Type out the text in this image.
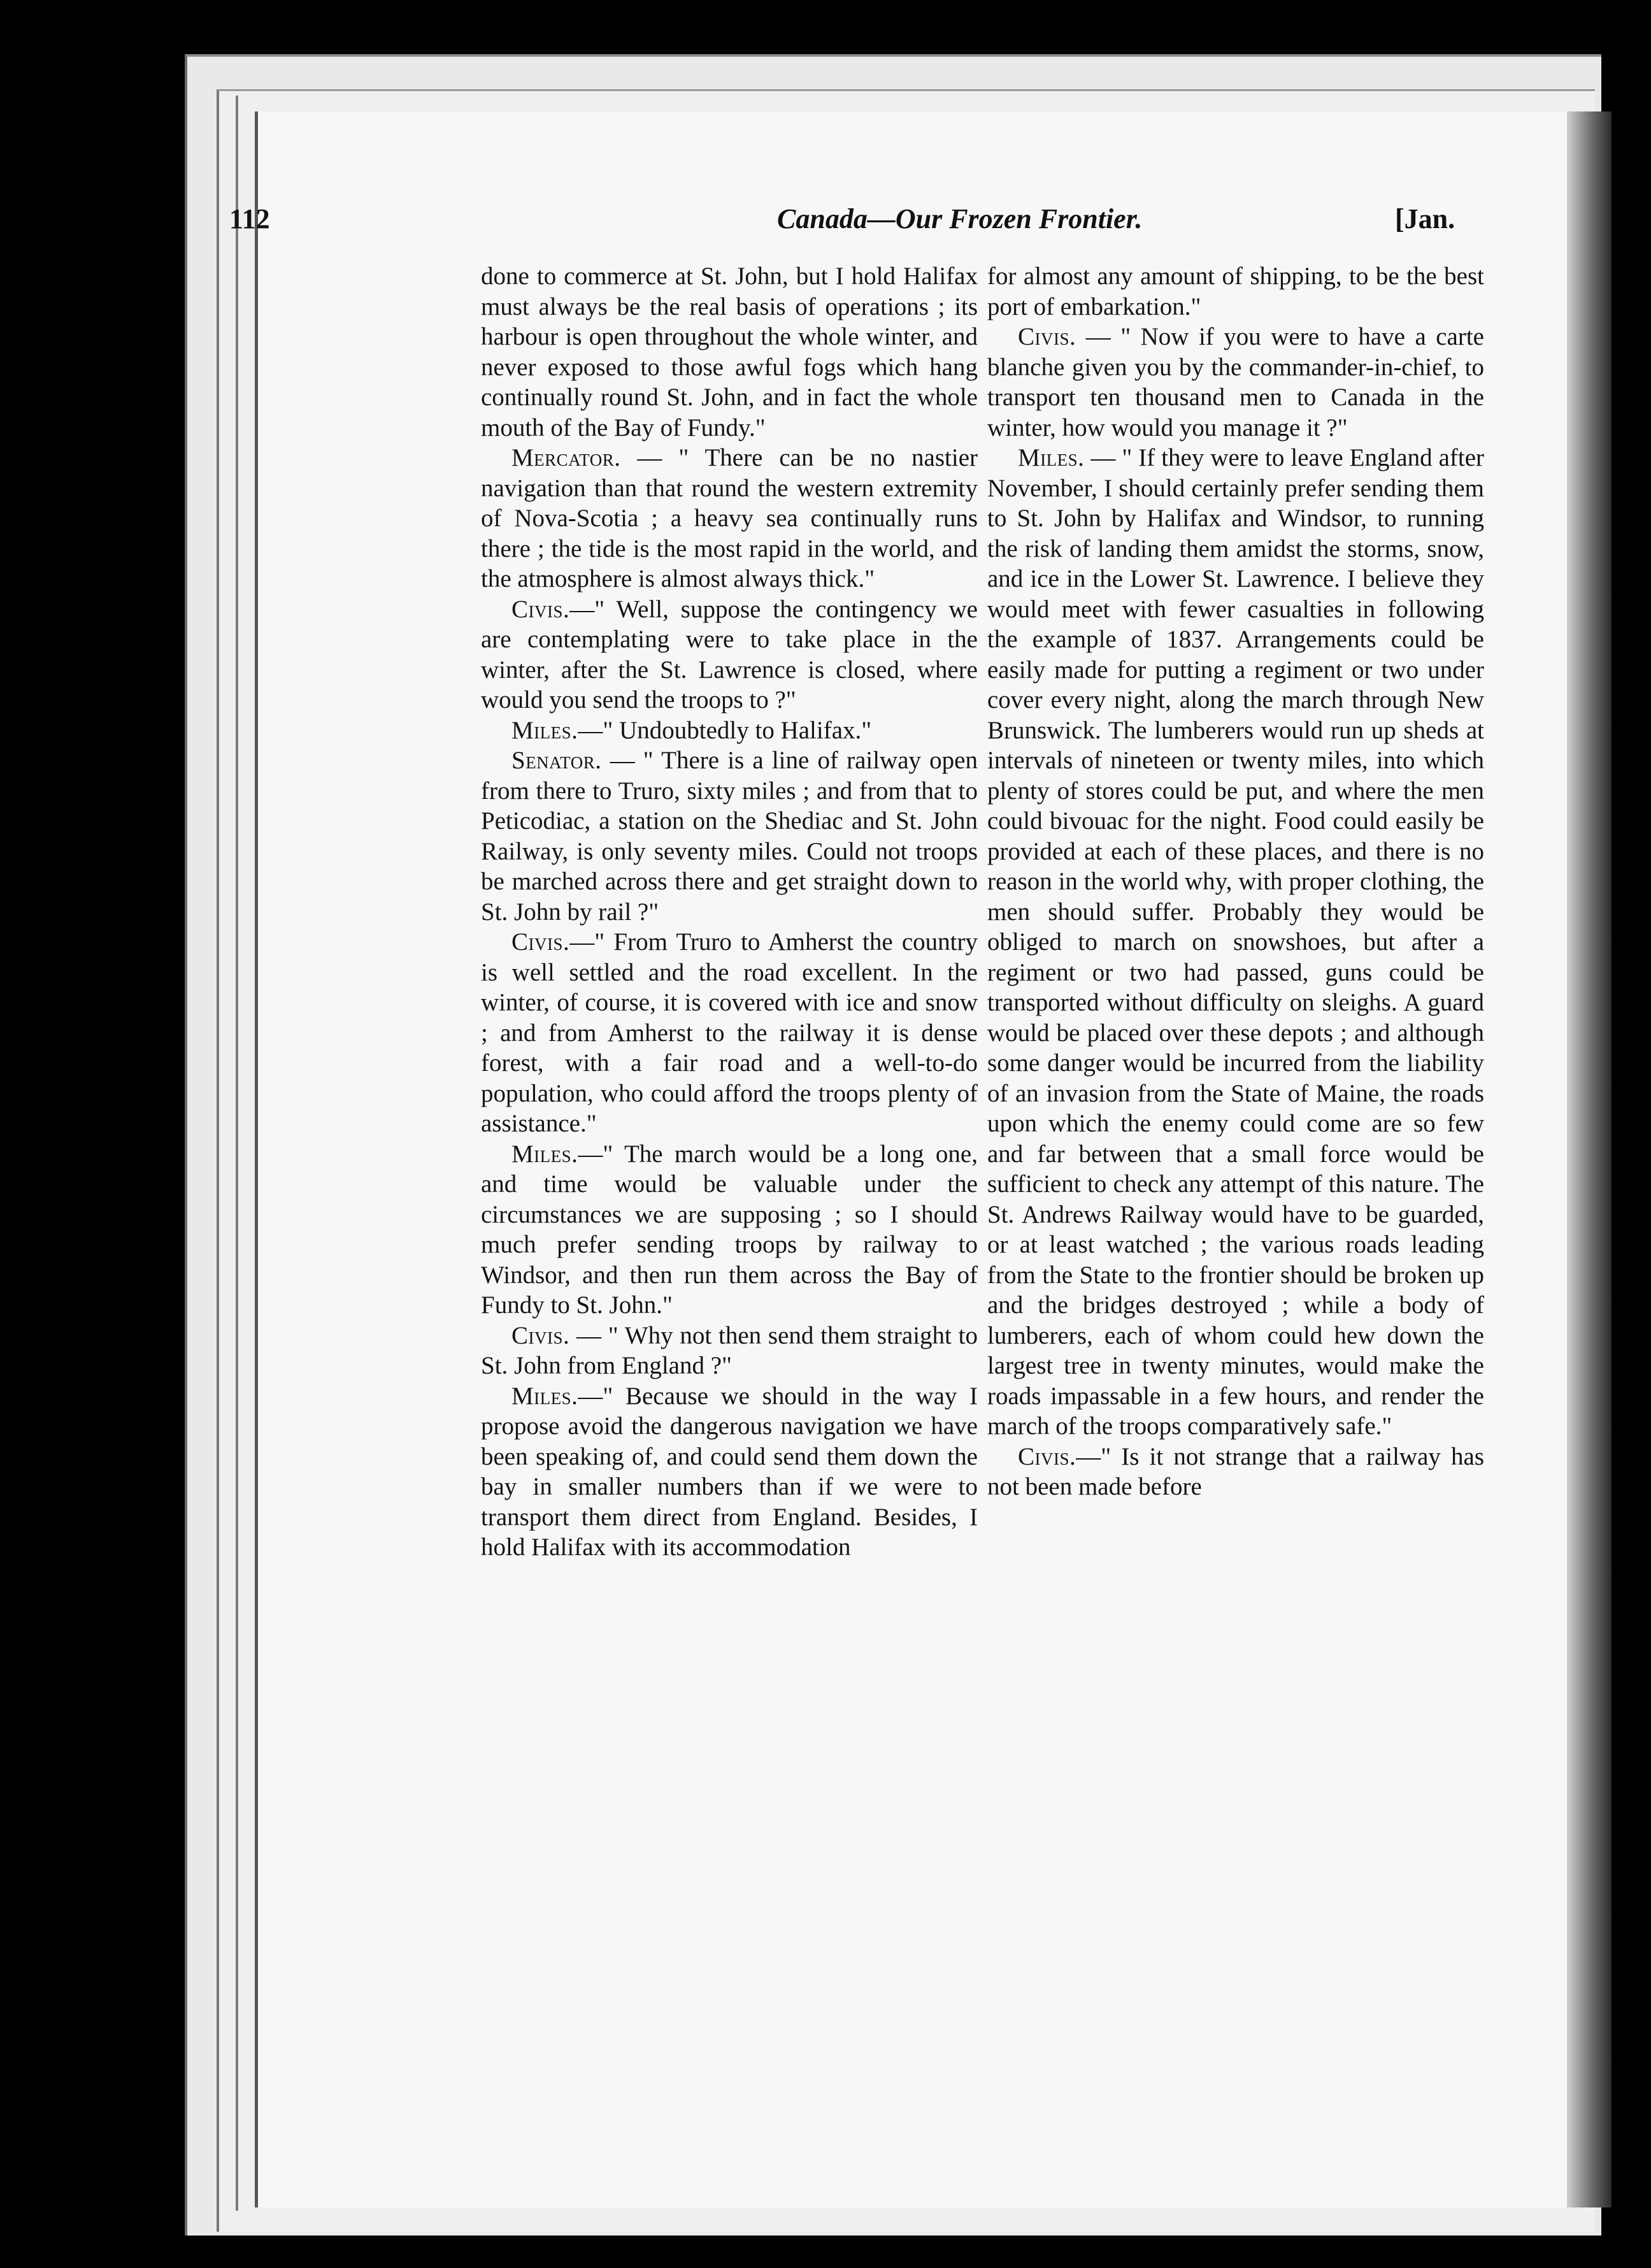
112	Canada—Our Frozen Frontier.	[Jan.

done to commerce at St. John, but I hold Halifax must always be the real basis of operations ; its harbour is open throughout the whole winter, and never exposed to those awful fogs which hang continually round St. John, and in fact the whole mouth of the Bay of Fundy."

Mercator. — " There can be no nastier navigation than that round the western extremity of Nova-Scotia ; a heavy sea continually runs there ; the tide is the most rapid in the world, and the atmosphere is almost always thick."

Civis.—" Well, suppose the contingency we are contemplating were to take place in the winter, after the St. Lawrence is closed, where would you send the troops to ?"

Miles.—" Undoubtedly to Halifax."

Senator. — " There is a line of railway open from there to Truro, sixty miles ; and from that to Peticodiac, a station on the Shediac and St. John Railway, is only seventy miles. Could not troops be marched across there and get straight down to St. John by rail ?"

Civis.—" From Truro to Amherst the country is well settled and the road excellent. In the winter, of course, it is covered with ice and snow ; and from Amherst to the railway it is dense forest, with a fair road and a well-to-do population, who could afford the troops plenty of assistance."

Miles.—" The march would be a long one, and time would be valuable under the circumstances we are supposing ; so I should much prefer sending troops by railway to Windsor, and then run them across the Bay of Fundy to St. John."

Civis. — " Why not then send them straight to St. John from England ?"

Miles.—" Because we should in the way I propose avoid the dangerous navigation we have been speaking of, and could send them down the bay in smaller numbers than if we were to transport them direct from England. Besides, I hold Halifax with its accommodation

for almost any amount of shipping, to be the best port of embarkation."

Civis. — " Now if you were to have a carte blanche given you by the commander-in-chief, to transport ten thousand men to Canada in the winter, how would you manage it ?"

Miles. — " If they were to leave England after November, I should certainly prefer sending them to St. John by Halifax and Windsor, to running the risk of landing them amidst the storms, snow, and ice in the Lower St. Lawrence. I believe they would meet with fewer casualties in following the example of 1837. Arrangements could be easily made for putting a regiment or two under cover every night, along the march through New Brunswick. The lumberers would run up sheds at intervals of nineteen or twenty miles, into which plenty of stores could be put, and where the men could bivouac for the night. Food could easily be provided at each of these places, and there is no reason in the world why, with proper clothing, the men should suffer. Probably they would be obliged to march on snowshoes, but after a regiment or two had passed, guns could be transported without difficulty on sleighs. A guard would be placed over these depots ; and although some danger would be incurred from the liability of an invasion from the State of Maine, the roads upon which the enemy could come are so few and far between that a small force would be sufficient to check any attempt of this nature. The St. Andrews Railway would have to be guarded, or at least watched ; the various roads leading from the State to the frontier should be broken up and the bridges destroyed ; while a body of lumberers, each of whom could hew down the largest tree in twenty minutes, would make the roads impassable in a few hours, and render the march of the troops comparatively safe."

Civis.—" Is it not strange that a railway has not been made before
